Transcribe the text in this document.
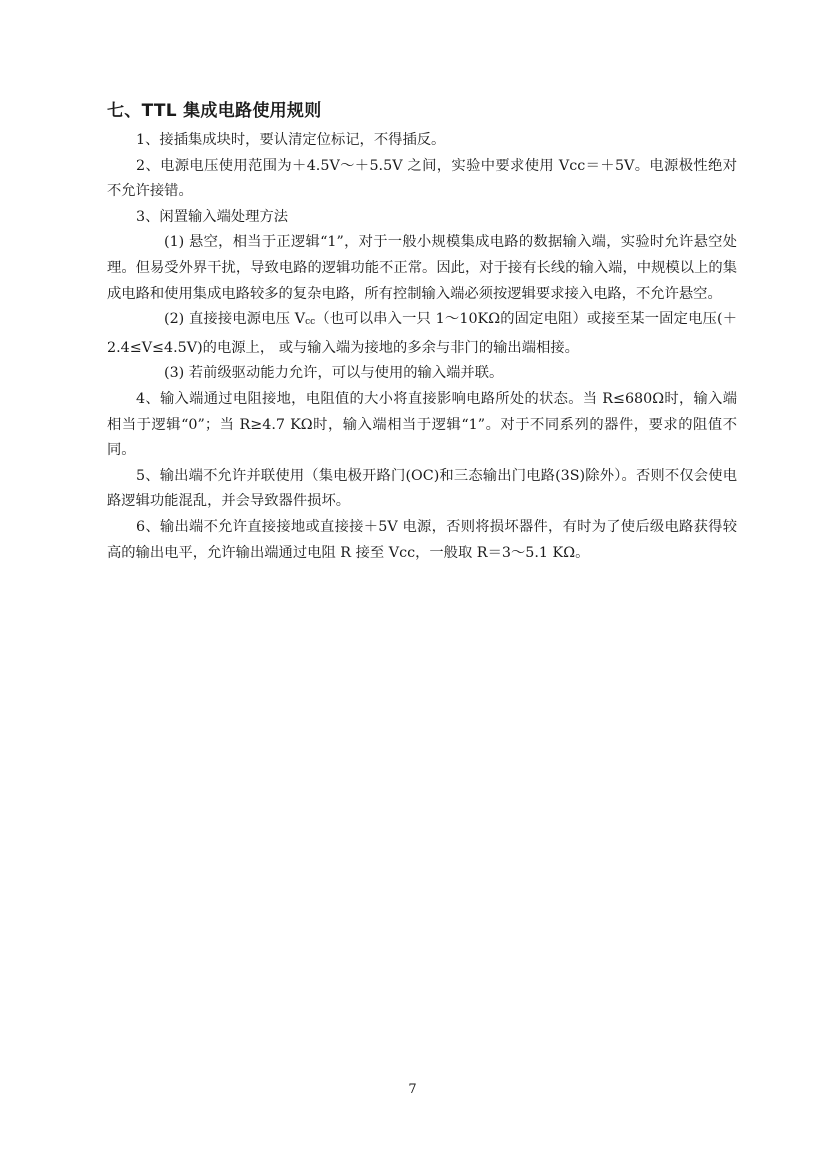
七、TTL 集成电路使用规则

1、接插集成块时，要认清定位标记，不得插反。

2、电源电压使用范围为＋4.5V～＋5.5V 之间，实验中要求使用 Vcc＝＋5V。电源极性绝对不允许接错。

3、闲置输入端处理方法

(1) 悬空，相当于正逻辑“1”，对于一般小规模集成电路的数据输入端，实验时允许悬空处理。但易受外界干扰，导致电路的逻辑功能不正常。因此，对于接有长线的输入端，中规模以上的集成电路和使用集成电路较多的复杂电路，所有控制输入端必须按逻辑要求接入电路，不允许悬空。

(2) 直接接电源电压 Vcc（也可以串入一只 1～10KΩ的固定电阻）或接至某一固定电压(＋2.4≤V≤4.5V)的电源上， 或与输入端为接地的多余与非门的输出端相接。

(3) 若前级驱动能力允许，可以与使用的输入端并联。

4、输入端通过电阻接地，电阻值的大小将直接影响电路所处的状态。当 R≤680Ω时，输入端相当于逻辑“0”；当 R≥4.7 KΩ时，输入端相当于逻辑“1”。对于不同系列的器件，要求的阻值不同。

5、输出端不允许并联使用（集电极开路门(OC)和三态输出门电路(3S)除外）。否则不仅会使电路逻辑功能混乱，并会导致器件损坏。

6、输出端不允许直接接地或直接接＋5V 电源，否则将损坏器件，有时为了使后级电路获得较高的输出电平，允许输出端通过电阻 R 接至 Vcc，一般取 R＝3～5.1 KΩ。

7
